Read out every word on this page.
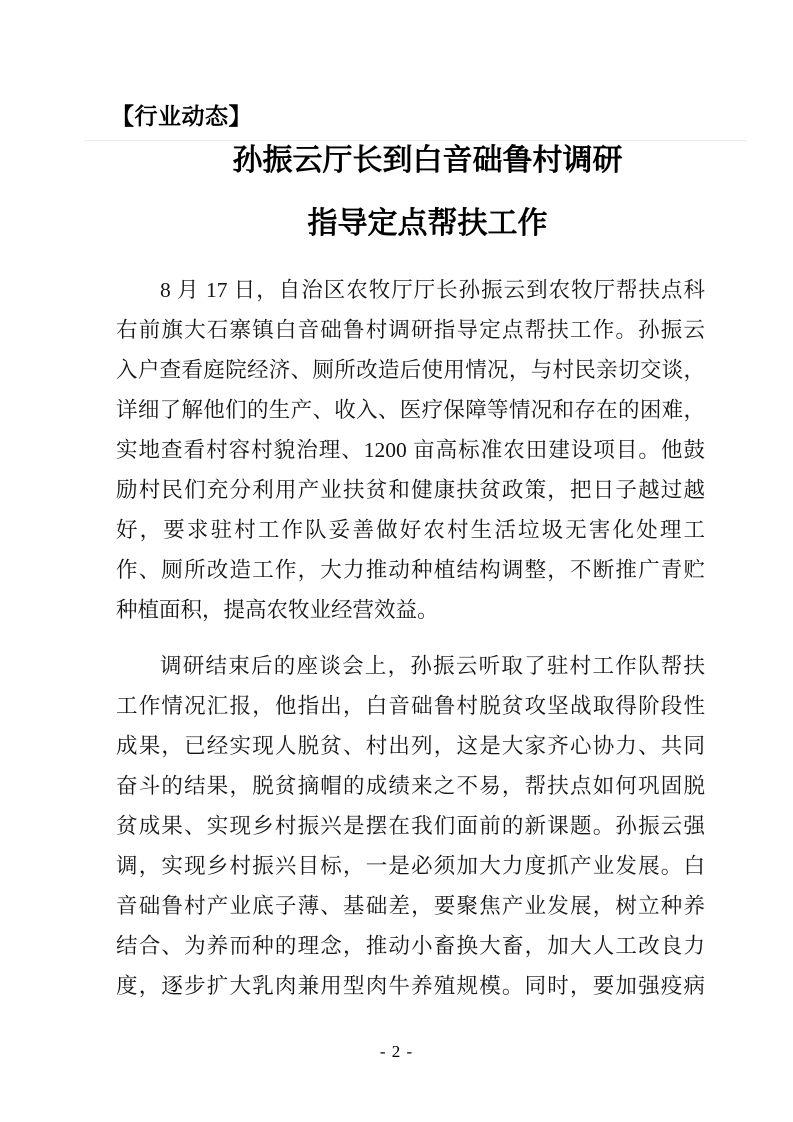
【行业动态】
孙振云厅长到白音础鲁村调研
指导定点帮扶工作
8 月 17 日，自治区农牧厅厅长孙振云到农牧厅帮扶点科
右前旗大石寨镇白音础鲁村调研指导定点帮扶工作。孙振云
入户查看庭院经济、厕所改造后使用情况，与村民亲切交谈，
详细了解他们的生产、收入、医疗保障等情况和存在的困难，
实地查看村容村貌治理、1200 亩高标准农田建设项目。他鼓
励村民们充分利用产业扶贫和健康扶贫政策，把日子越过越
好，要求驻村工作队妥善做好农村生活垃圾无害化处理工
作、厕所改造工作，大力推动种植结构调整，不断推广青贮
种植面积，提高农牧业经营效益。
调研结束后的座谈会上，孙振云听取了驻村工作队帮扶
工作情况汇报，他指出，白音础鲁村脱贫攻坚战取得阶段性
成果，已经实现人脱贫、村出列，这是大家齐心协力、共同
奋斗的结果，脱贫摘帽的成绩来之不易，帮扶点如何巩固脱
贫成果、实现乡村振兴是摆在我们面前的新课题。孙振云强
调，实现乡村振兴目标，一是必须加大力度抓产业发展。白
音础鲁村产业底子薄、基础差，要聚焦产业发展，树立种养
结合、为养而种的理念，推动小畜换大畜，加大人工改良力
度，逐步扩大乳肉兼用型肉牛养殖规模。同时，要加强疫病
- 2 -
